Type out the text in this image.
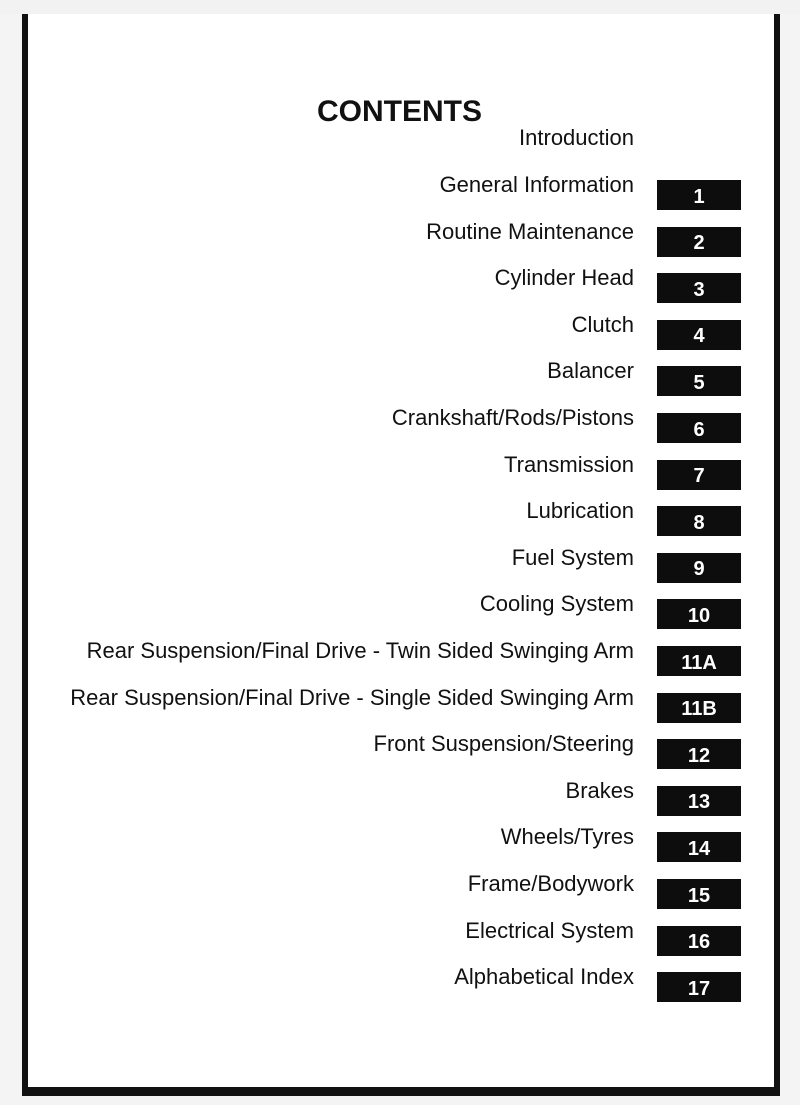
CONTENTS
Introduction
General Information	1
Routine Maintenance	2
Cylinder Head	3
Clutch	4
Balancer	5
Crankshaft/Rods/Pistons	6
Transmission	7
Lubrication	8
Fuel System	9
Cooling System	10
Rear Suspension/Final Drive - Twin Sided Swinging Arm	11A
Rear Suspension/Final Drive - Single Sided Swinging Arm	11B
Front Suspension/Steering	12
Brakes	13
Wheels/Tyres	14
Frame/Bodywork	15
Electrical System	16
Alphabetical Index	17
